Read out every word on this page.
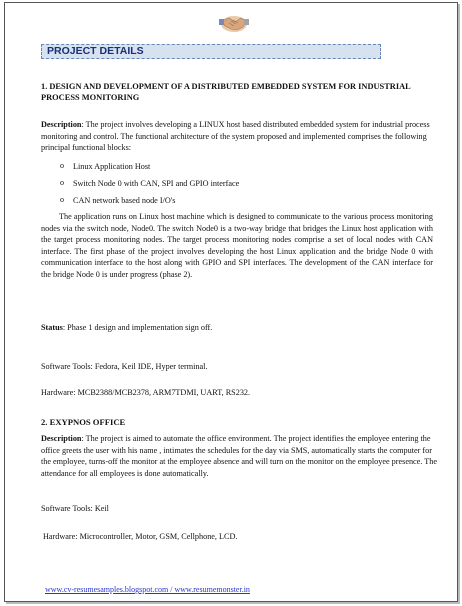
PROJECT DETAILS
1. DESIGN AND DEVELOPMENT OF A DISTRIBUTED EMBEDDED SYSTEM FOR INDUSTRIAL PROCESS MONITORING
Description: The project involves developing a LINUX host based distributed embedded system for industrial process monitoring and control. The functional architecture of the system proposed and implemented comprises the following principal functional blocks:
o Linux Application Host
o Switch Node 0 with CAN, SPI and GPIO interface
o CAN network based node I/O's
The application runs on Linux host machine which is designed to communicate to the various process monitoring nodes via the switch node, Node0. The switch Node0 is a two-way bridge that bridges the Linux host application with the target process monitoring nodes. The target process monitoring nodes comprise a set of local nodes with CAN interface. The first phase of the project involves developing the host Linux application and the bridge Node 0 with communication interface to the host along with GPIO and SPI interfaces. The development of the CAN interface for the bridge Node 0 is under progress (phase 2).
Status: Phase 1 design and implementation sign off.
Software Tools: Fedora, Keil IDE, Hyper terminal.
Hardware: MCB2388/MCB2378, ARM7TDMI, UART, RS232.
2. EXYPNOS OFFICE
Description: The project is aimed to automate the office environment. The project identifies the employee entering the office greets the user with his name , intimates the schedules for the day via SMS, automatically starts the computer for the employee, turns-off the monitor at the employee absence and will turn on the monitor on the employee presence. The attendance for all employees is done automatically.
Software Tools: Keil
Hardware: Microcontroller, Motor, GSM, Cellphone, LCD.
www.cv-resumesamples.blogspot.com / www.resumemonster.in
